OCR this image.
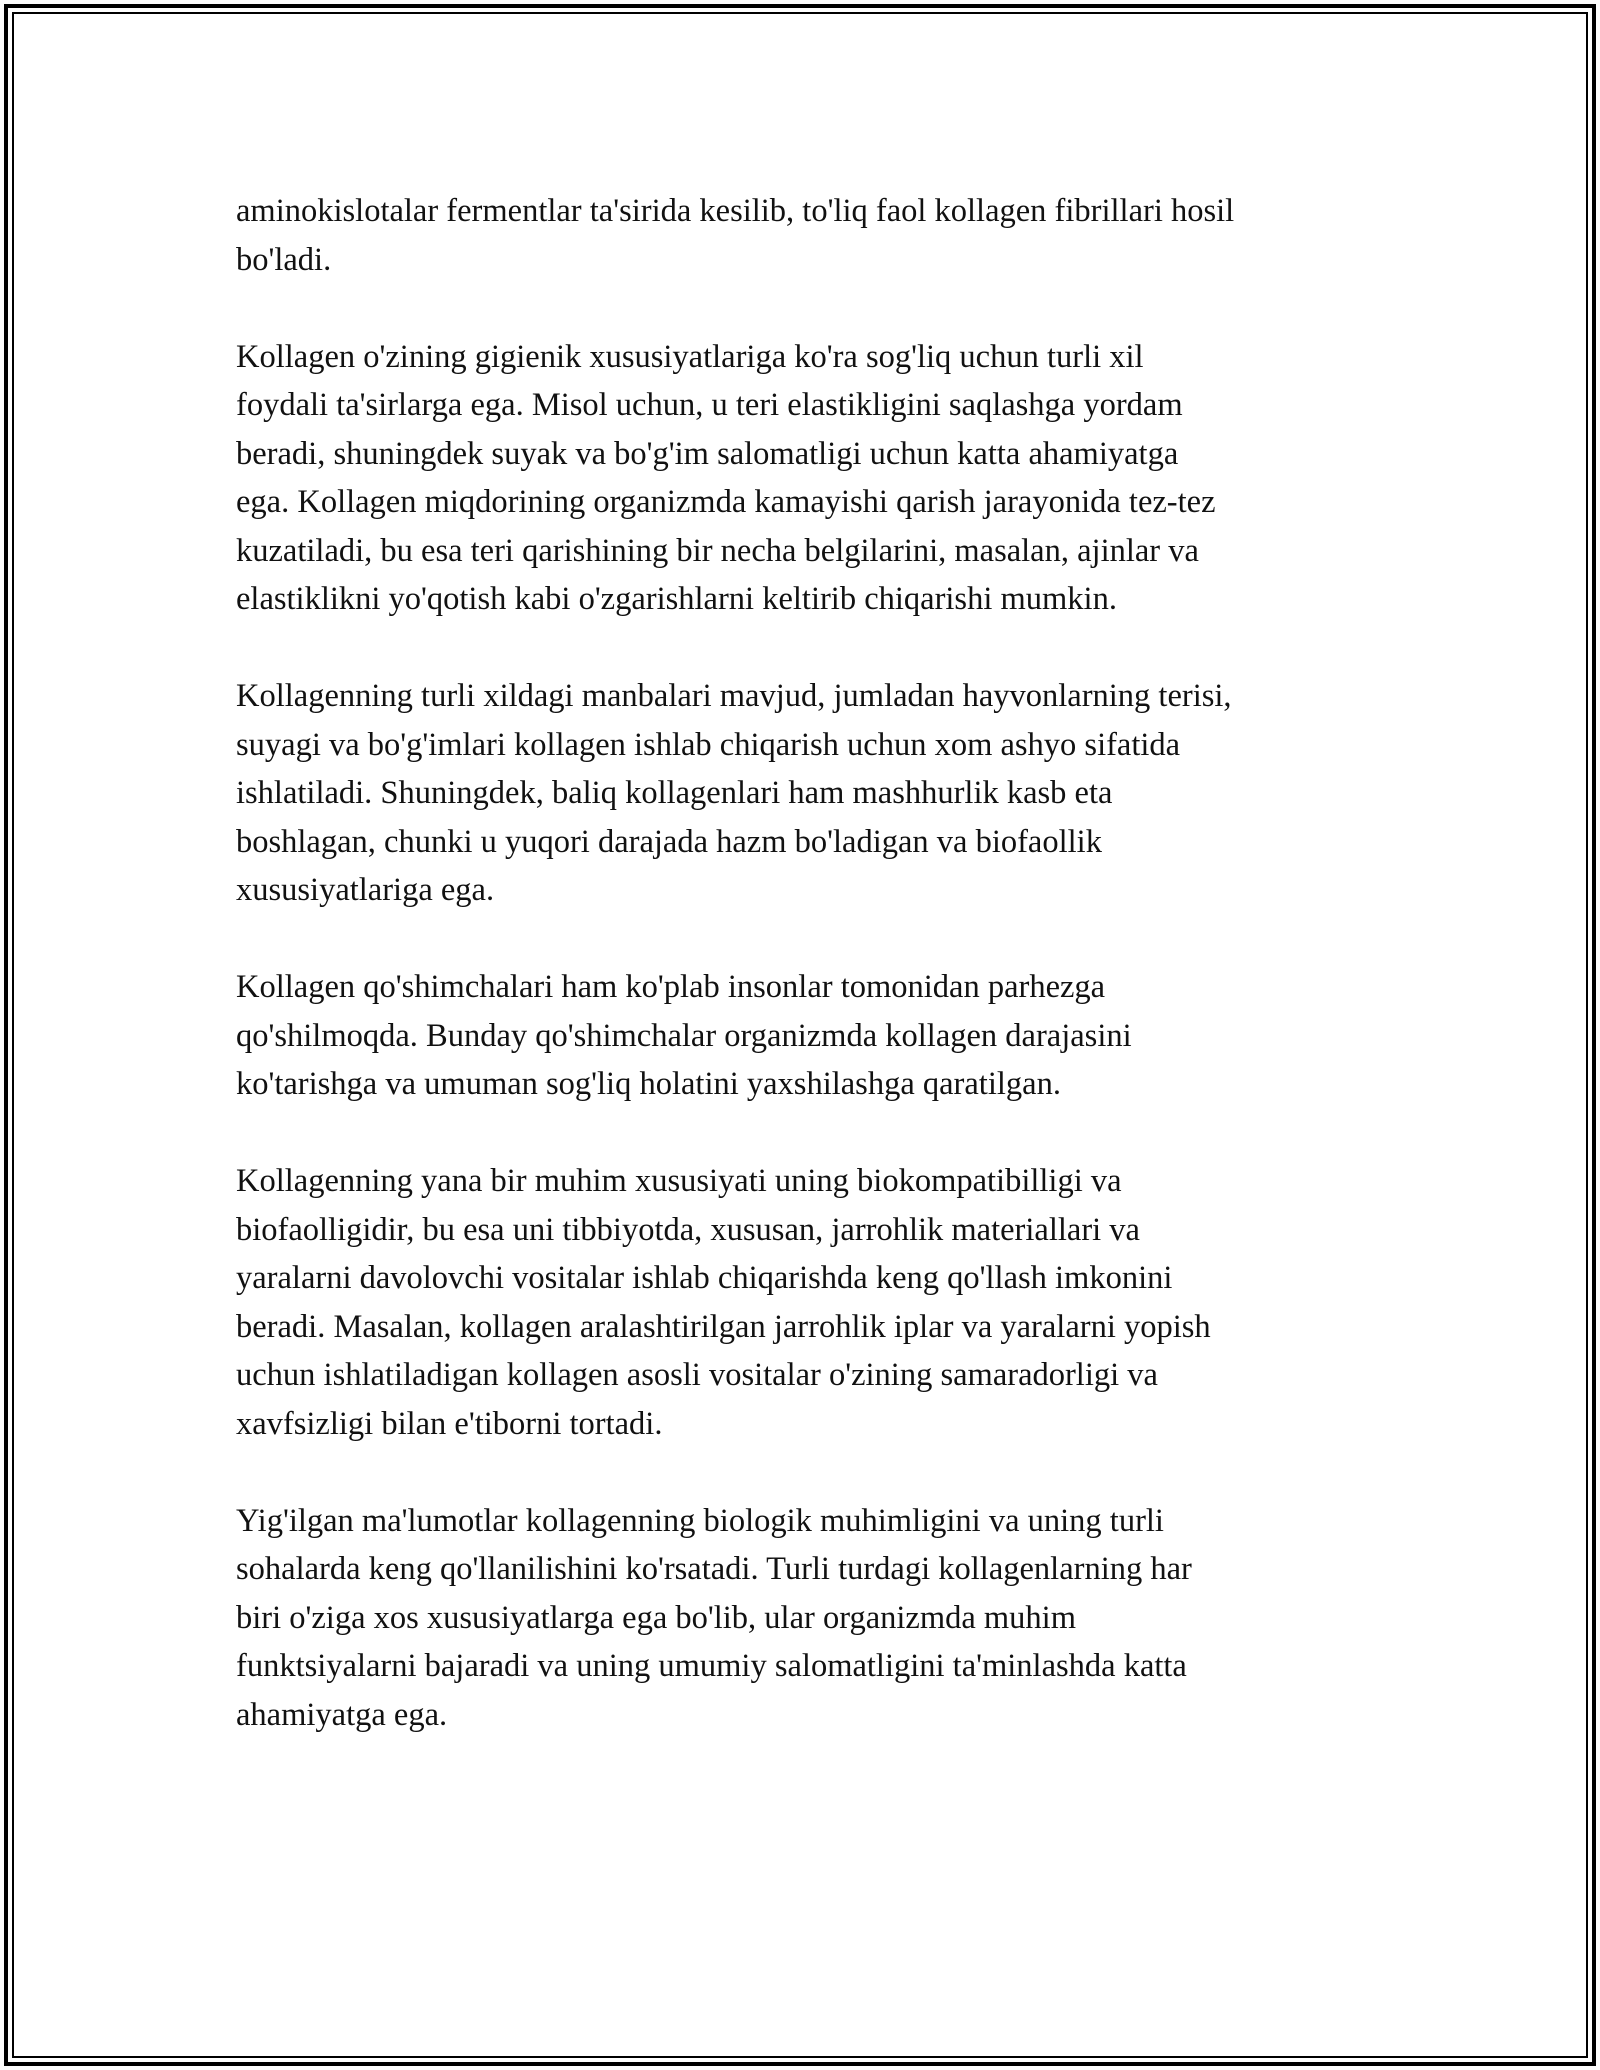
aminokislotalar fermentlar ta'sirida kesilib, to'liq faol kollagen fibrillari hosil
bo'ladi.

Kollagen o'zining gigienik xususiyatlariga ko'ra sog'liq uchun turli xil
foydali ta'sirlarga ega. Misol uchun, u teri elastikligini saqlashga yordam
beradi, shuningdek suyak va bo'g'im salomatligi uchun katta ahamiyatga
ega. Kollagen miqdorining organizmda kamayishi qarish jarayonida tez-tez
kuzatiladi, bu esa teri qarishining bir necha belgilarini, masalan, ajinlar va
elastiklikni yo'qotish kabi o'zgarishlarni keltirib chiqarishi mumkin.

Kollagenning turli xildagi manbalari mavjud, jumladan hayvonlarning terisi,
suyagi va bo'g'imlari kollagen ishlab chiqarish uchun xom ashyo sifatida
ishlatiladi. Shuningdek, baliq kollagenlari ham mashhurlik kasb eta
boshlagan, chunki u yuqori darajada hazm bo'ladigan va biofaollik
xususiyatlariga ega.

Kollagen qo'shimchalari ham ko'plab insonlar tomonidan parhezga
qo'shilmoqda. Bunday qo'shimchalar organizmda kollagen darajasini
ko'tarishga va umuman sog'liq holatini yaxshilashga qaratilgan.

Kollagenning yana bir muhim xususiyati uning biokompatibilligi va
biofaolligidir, bu esa uni tibbiyotda, xususan, jarrohlik materiallari va
yaralarni davolovchi vositalar ishlab chiqarishda keng qo'llash imkonini
beradi. Masalan, kollagen aralashtirilgan jarrohlik iplar va yaralarni yopish
uchun ishlatiladigan kollagen asosli vositalar o'zining samaradorligi va
xavfsizligi bilan e'tiborni tortadi.

Yig'ilgan ma'lumotlar kollagenning biologik muhimligini va uning turli
sohalarda keng qo'llanilishini ko'rsatadi. Turli turdagi kollagenlarning har
biri o'ziga xos xususiyatlarga ega bo'lib, ular organizmda muhim
funktsiyalarni bajaradi va uning umumiy salomatligini ta'minlashda katta
ahamiyatga ega.
